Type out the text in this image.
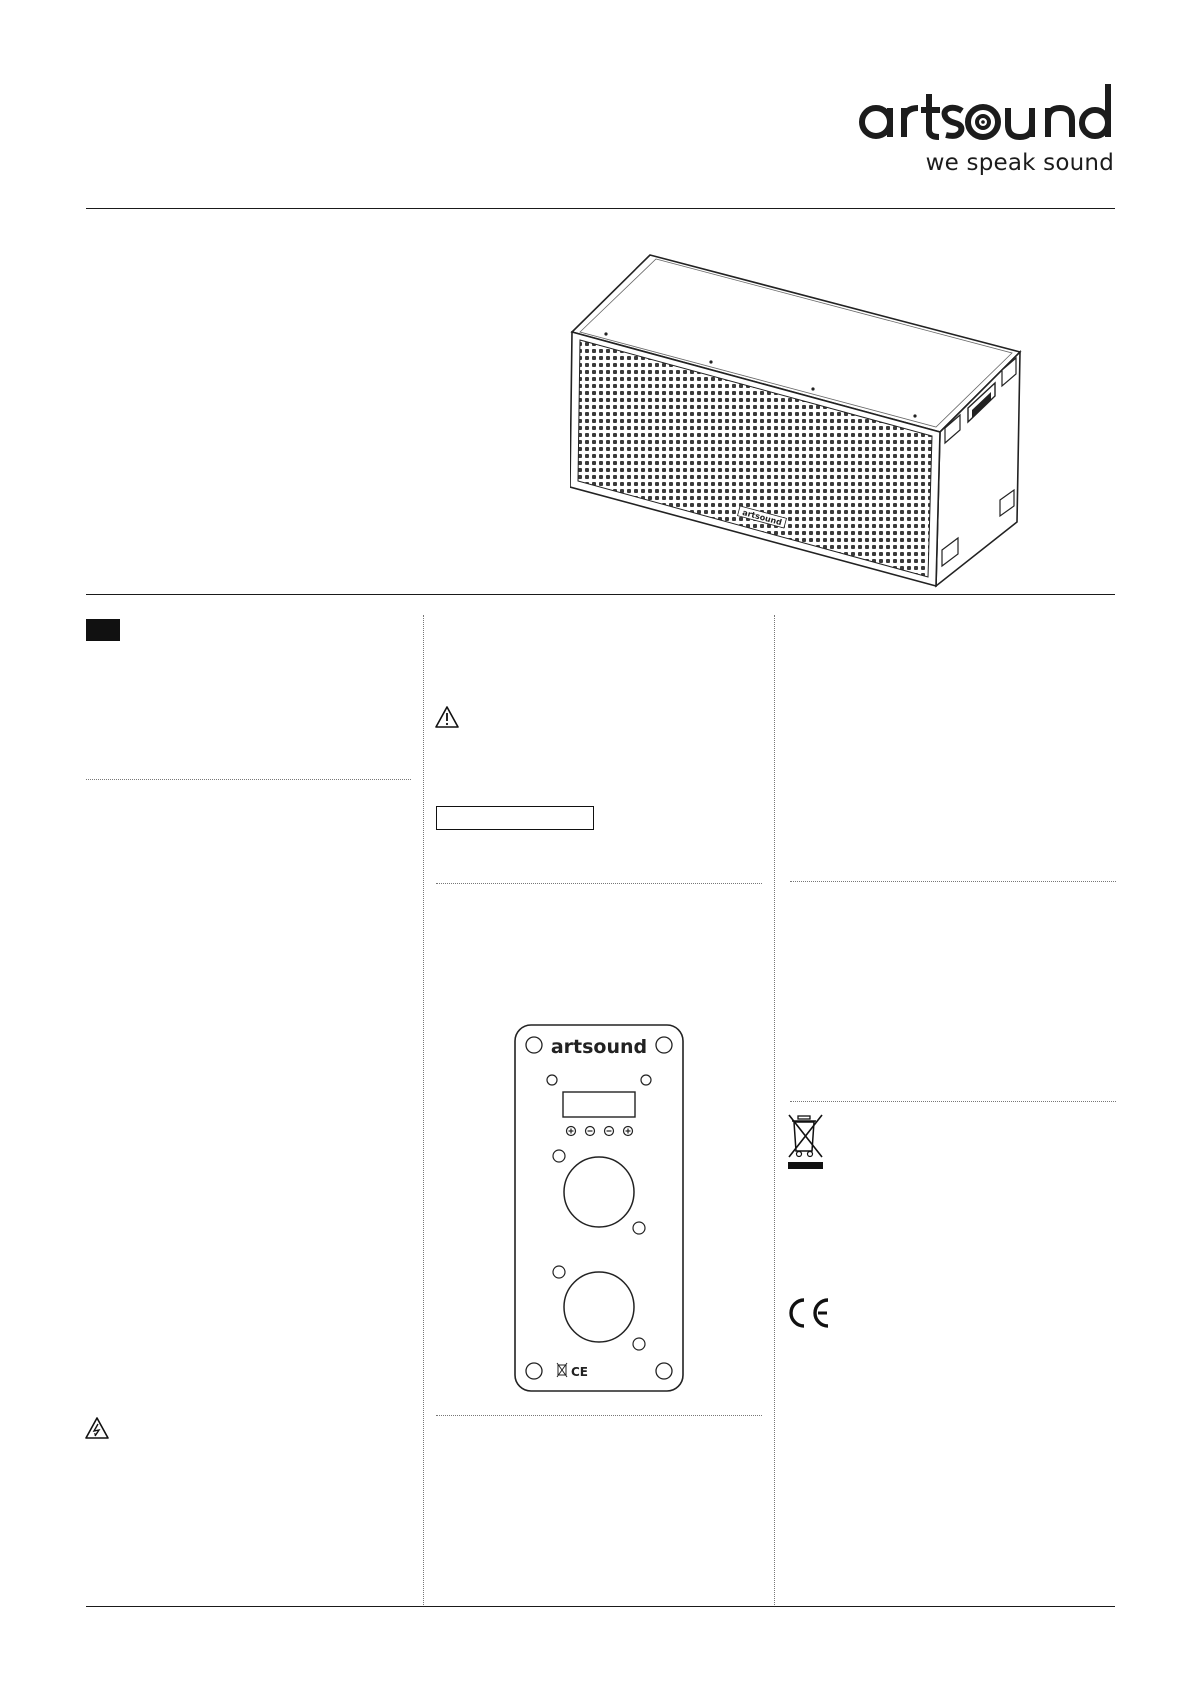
we speak sound
artsound
artsound
CE
